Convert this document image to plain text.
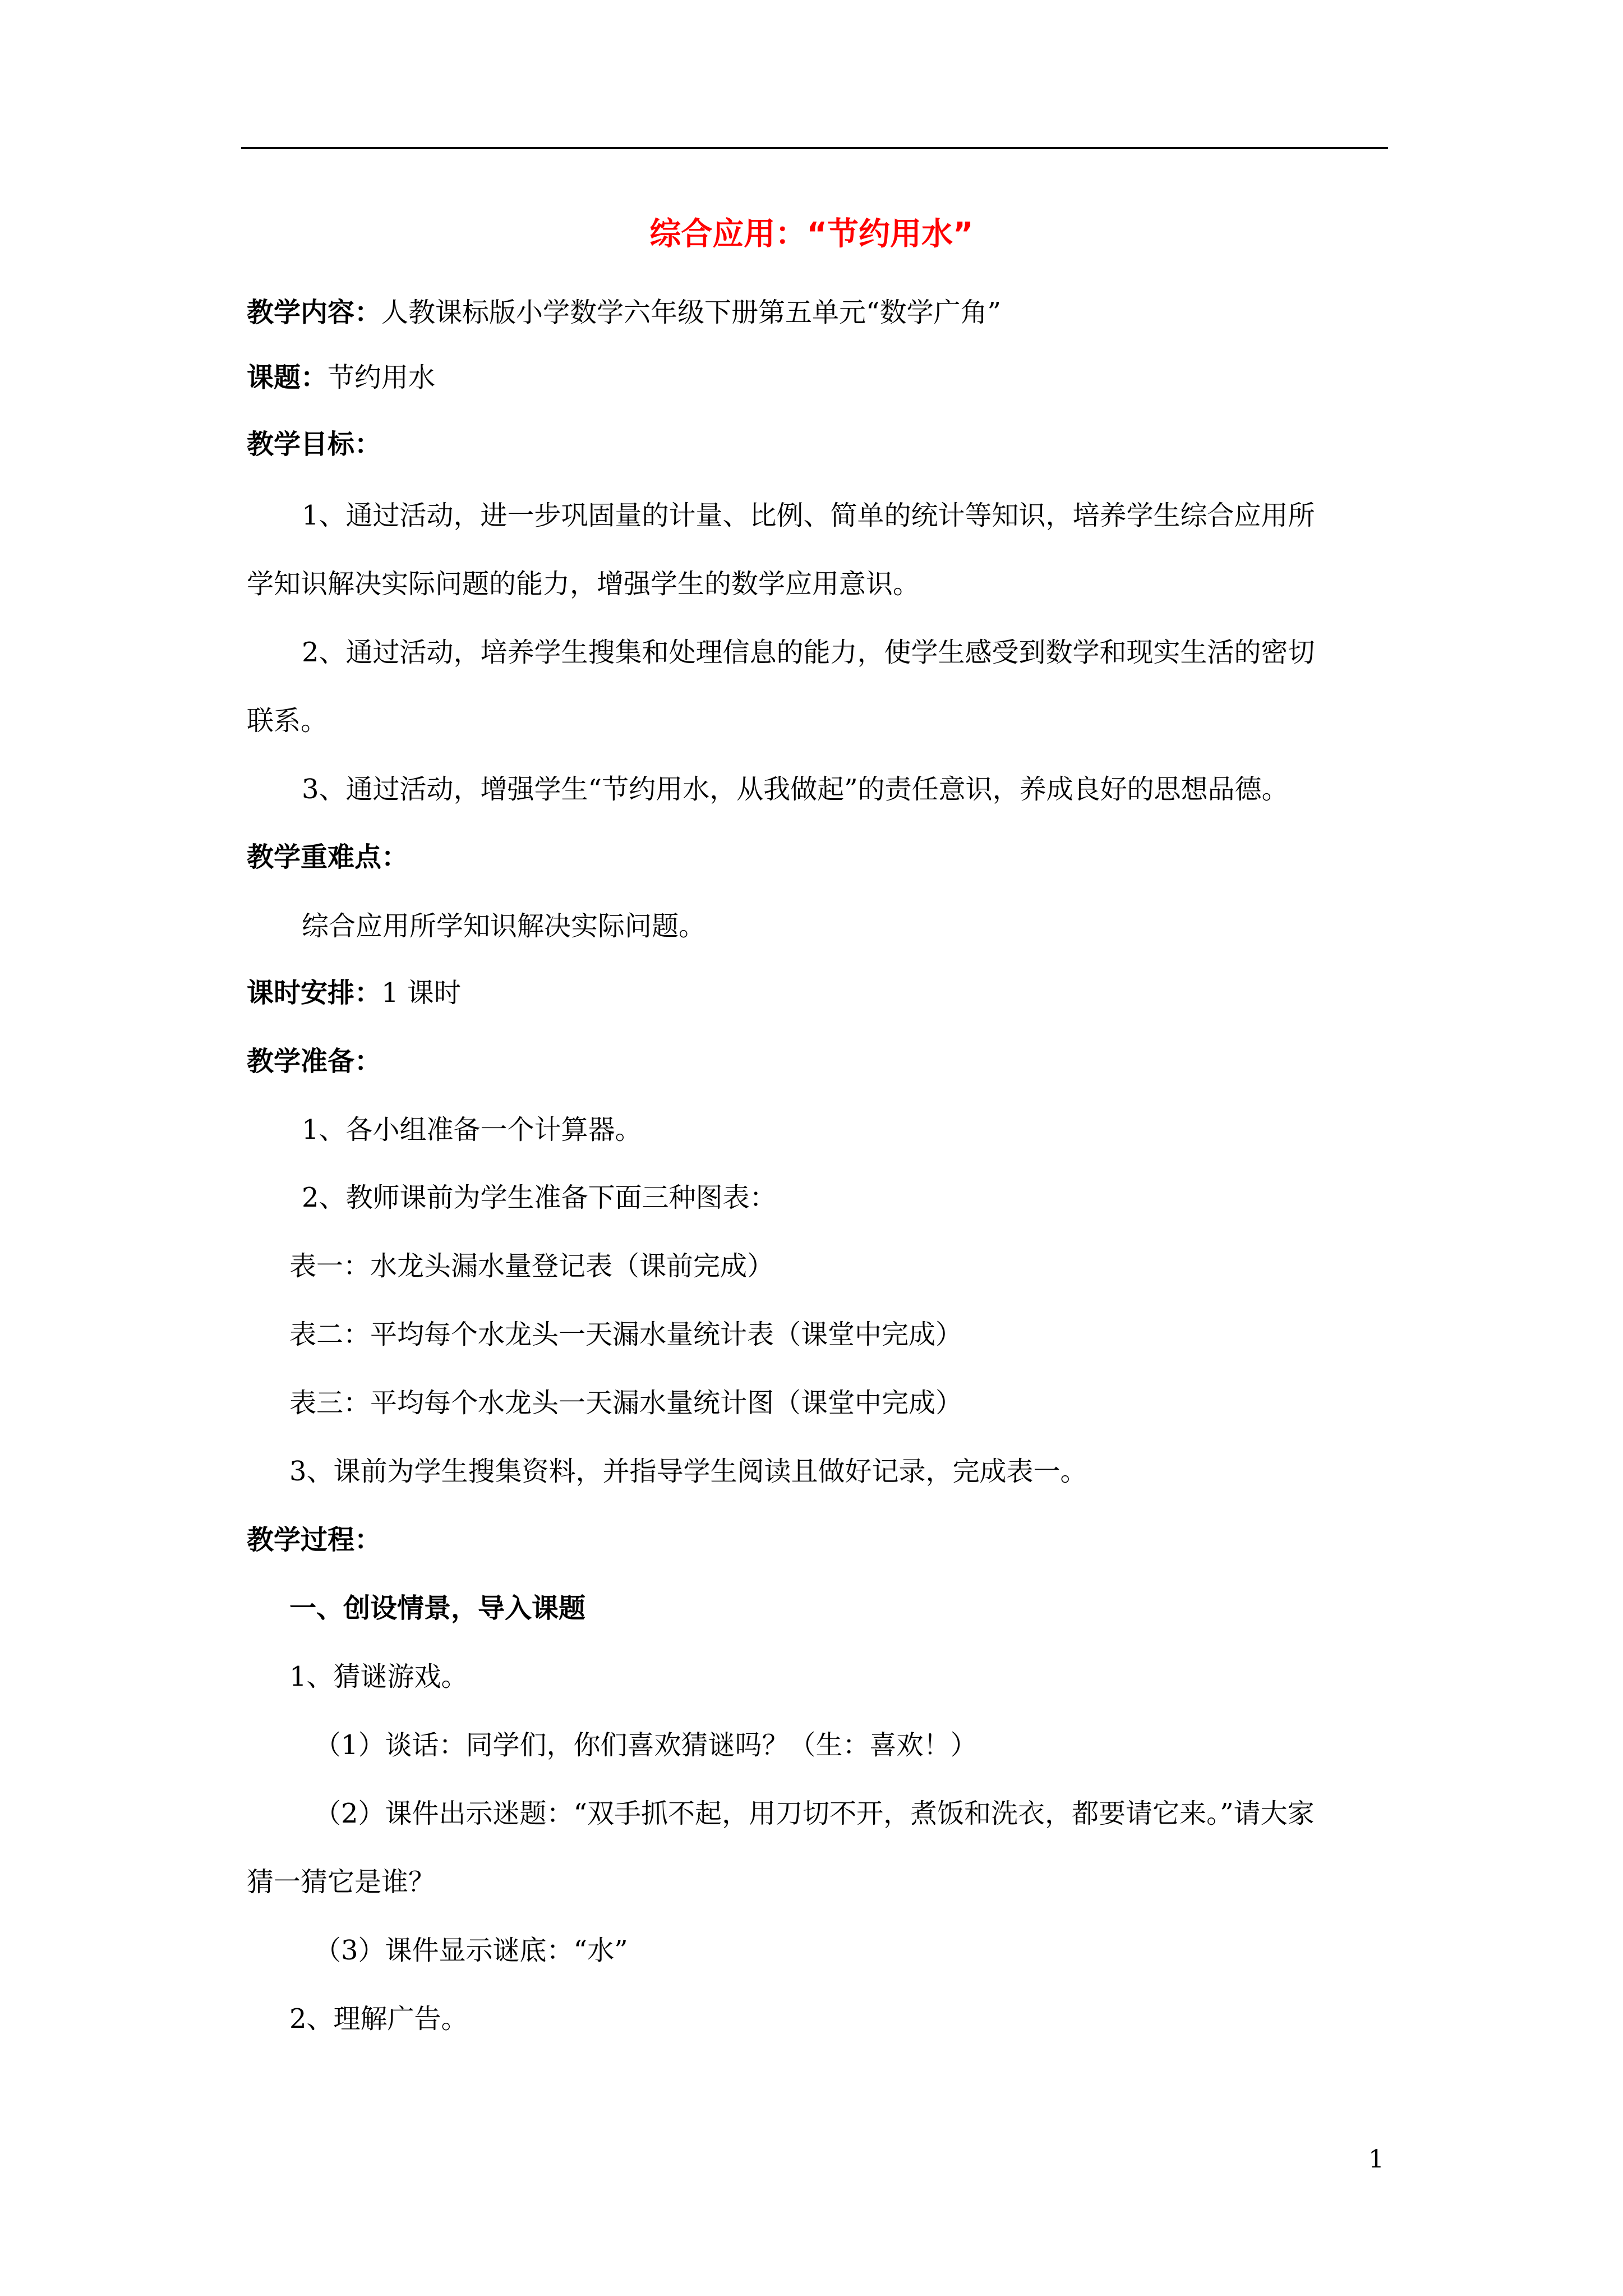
综合应用：“节约用水”
教学内容：人教课标版小学数学六年级下册第五单元“数学广角”
课题：节约用水
教学目标：
1、通过活动，进一步巩固量的计量、比例、简单的统计等知识，培养学生综合应用所
学知识解决实际问题的能力，增强学生的数学应用意识。
2、通过活动，培养学生搜集和处理信息的能力，使学生感受到数学和现实生活的密切
联系。
3、通过活动，增强学生“节约用水，从我做起”的责任意识，养成良好的思想品德。
教学重难点：
综合应用所学知识解决实际问题。
课时安排：1 课时
教学准备：
1、各小组准备一个计算器。
2、教师课前为学生准备下面三种图表：
表一：水龙头漏水量登记表（课前完成）
表二：平均每个水龙头一天漏水量统计表（课堂中完成）
表三：平均每个水龙头一天漏水量统计图（课堂中完成）
3、课前为学生搜集资料，并指导学生阅读且做好记录，完成表一。
教学过程：
一、创设情景，导入课题
1、猜谜游戏。
（1）谈话：同学们，你们喜欢猜谜吗？（生：喜欢！）
（2）课件出示迷题：“双手抓不起，用刀切不开，煮饭和洗衣，都要请它来。”请大家
猜一猜它是谁？
（3）课件显示谜底：“水”
2、理解广告。
1
